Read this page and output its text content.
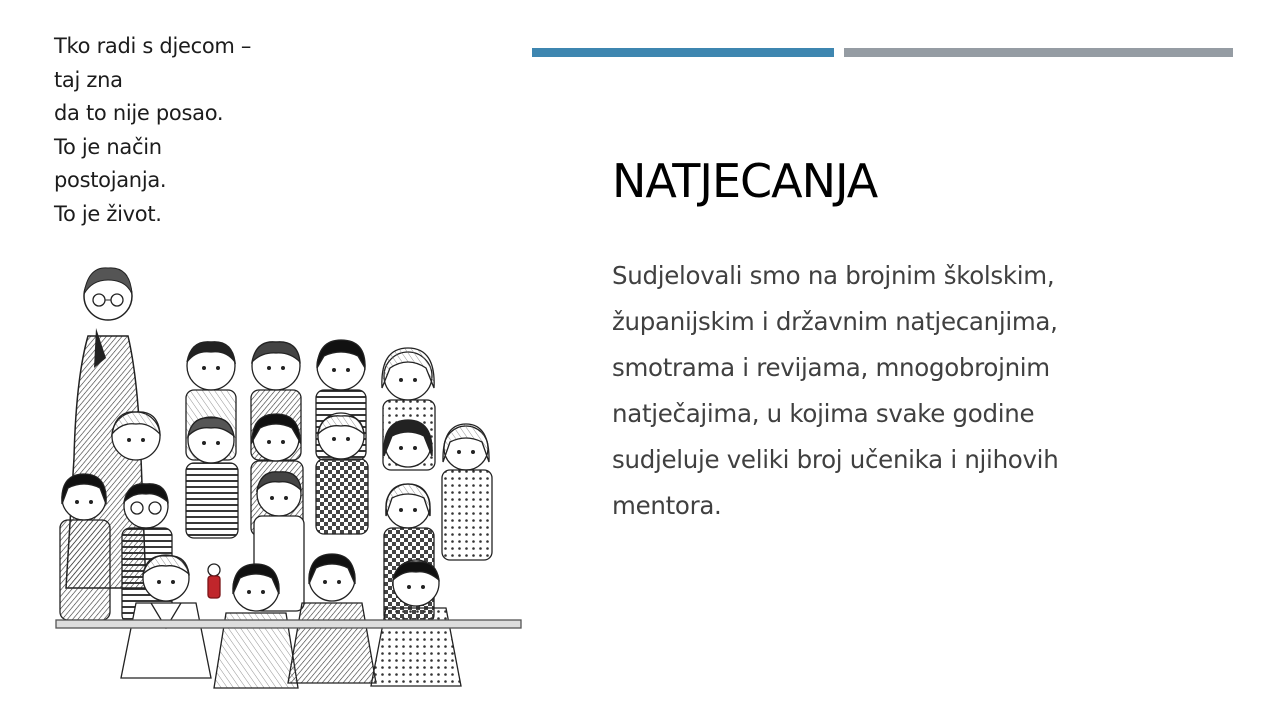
Tko radi s djecom –
taj zna
da to nije posao.
To je način
postojanja.
To je život.
NATJECANJA
Sudjelovali smo na brojnim školskim,
županijskim i državnim natjecanjima,
smotrama i revijama, mnogobrojnim
natječajima, u kojima svake godine
sudjeluje veliki broj učenika i njihovih
mentora.
